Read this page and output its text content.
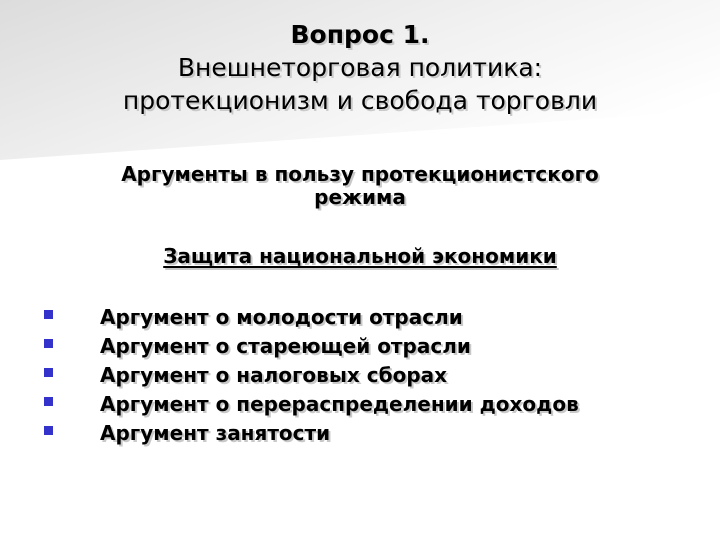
Вопрос 1.
Внешнеторговая политика:
протекционизм и свобода торговли
Аргументы в пользу протекционистского
режима
Защита национальной экономики
Аргумент о молодости отрасли
Аргумент о стареющей отрасли
Аргумент о налоговых сборах
Аргумент о перераспределении доходов
Аргумент занятости
